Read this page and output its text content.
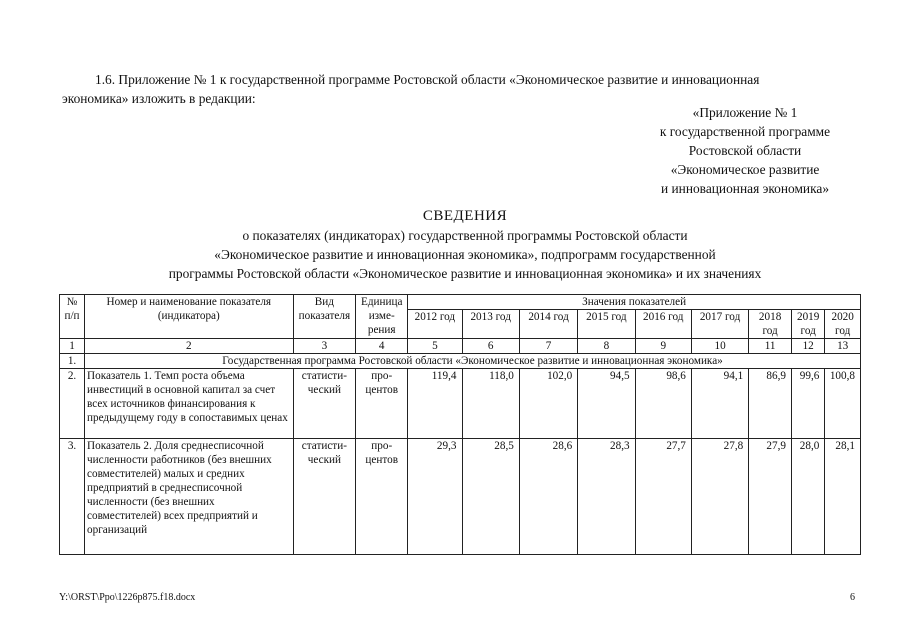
1.6. Приложение № 1 к государственной программе Ростовской области «Экономическое развитие и инновационная
экономика» изложить в редакции:
«Приложение № 1
к государственной программе
Ростовской области
«Экономическое развитие
и инновационная экономика»
СВЕДЕНИЯ
о показателях (индикаторах) государственной программы Ростовской области
«Экономическое развитие и инновационная экономика», подпрограмм государственной
программы Ростовской области «Экономическое развитие и инновационная экономика» и их значениях
№ п/п	Номер и наименование показателя (индикатора)	Вид показателя	Единица измерения	Значения показателей								
				2012 год	2013 год	2014 год	2015 год	2016 год	2017 год	2018 год	2019 год	2020 год
1	2	3	4	5	6	7	8	9	10	11	12	13
1.	Государственная программа Ростовской области «Экономическое развитие и инновационная экономика»											
2.	Показатель 1. Темп роста объема инвестиций в основной капитал за счет всех источников финансирования к предыдущему году в сопоставимых ценах	статистический	процентов	119,4	118,0	102,0	94,5	98,6	94,1	86,9	99,6	100,8
3.	Показатель 2. Доля среднесписочной численности работников (без внешних совместителей) малых и средних предприятий в среднесписочной численности (без внешних совместителей) всех предприятий и организаций	статистический	процентов	29,3	28,5	28,6	28,3	27,7	27,8	27,9	28,0	28,1
Y:\ORST\Ppo\1226p875.f18.docx	6
